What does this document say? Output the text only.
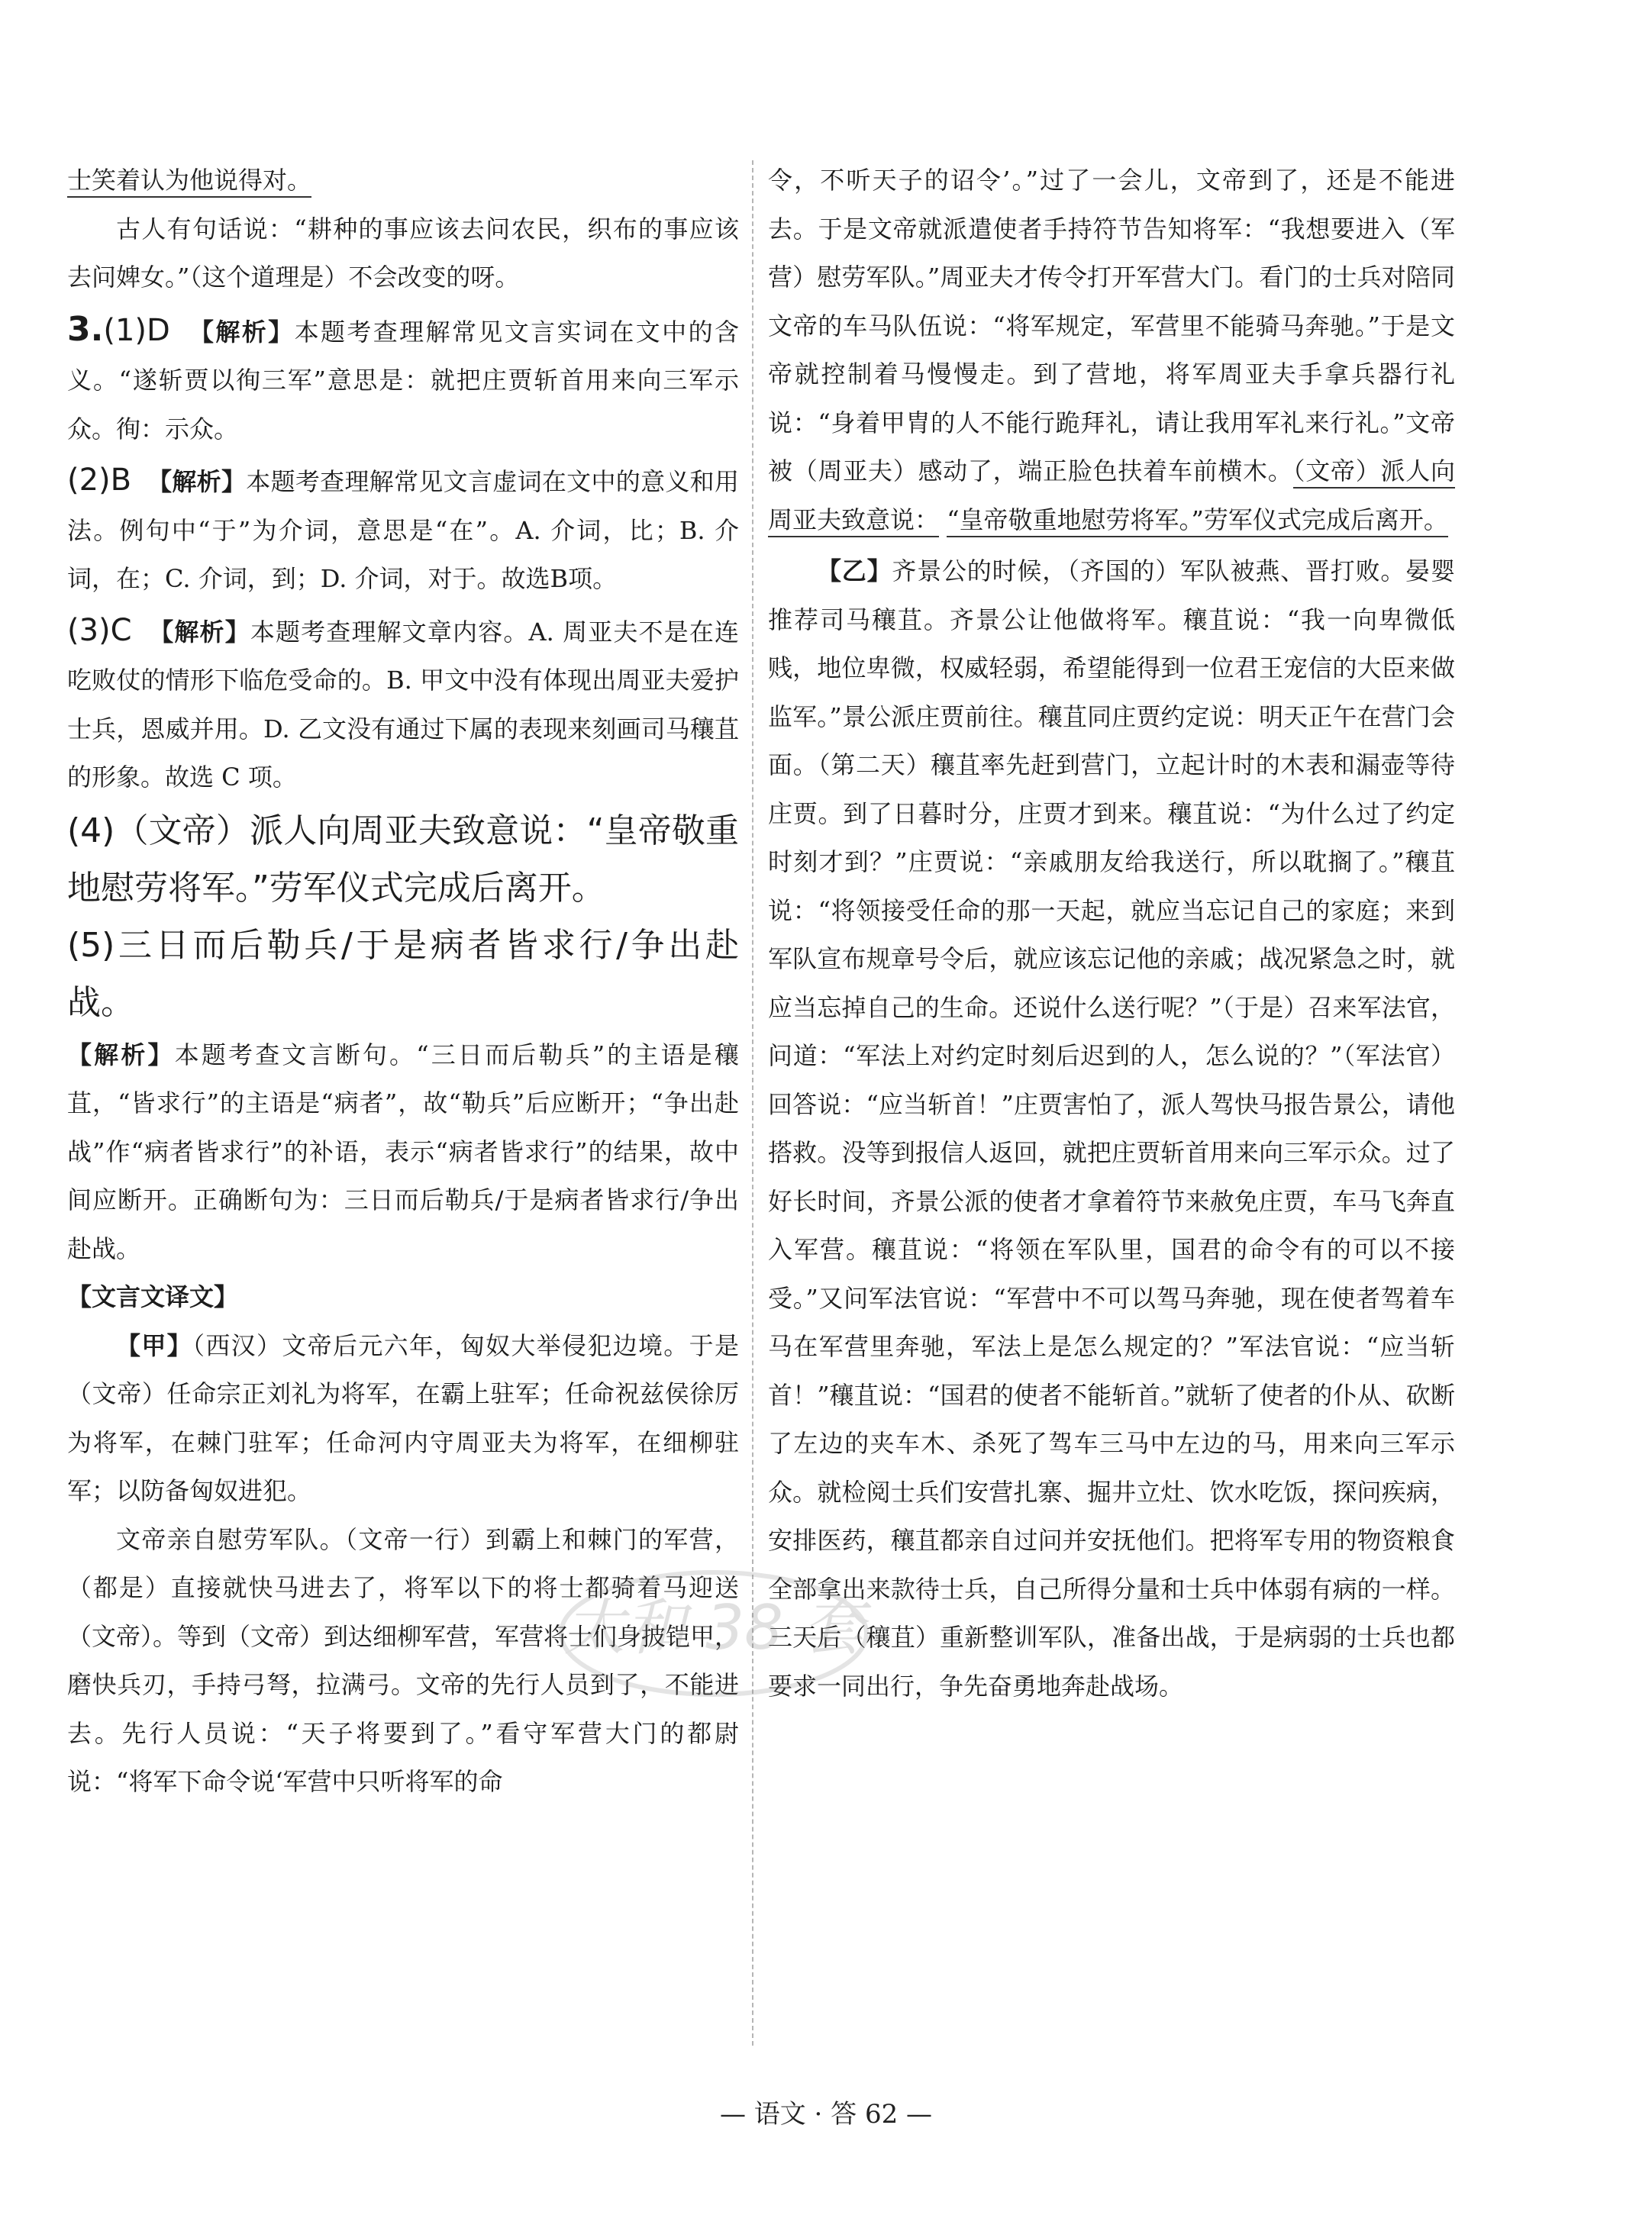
士笑着认为他说得对。

古人有句话说：“耕种的事应该去问农民，织布的事应该去问婢女。”（这个道理是）不会改变的呀。

3.(1)D 【解析】本题考查理解常见文言实词在文中的含义。“遂斩贾以徇三军”意思是：就把庄贾斩首用来向三军示众。徇：示众。

(2)B 【解析】本题考查理解常见文言虚词在文中的意义和用法。例句中“于”为介词，意思是“在”。A. 介词，比；B. 介词，在；C. 介词，到；D. 介词，对于。故选B项。

(3)C 【解析】本题考查理解文章内容。A. 周亚夫不是在连吃败仗的情形下临危受命的。B. 甲文中没有体现出周亚夫爱护士兵，恩威并用。D. 乙文没有通过下属的表现来刻画司马穰苴的形象。故选 C 项。

(4)（文帝）派人向周亚夫致意说：“皇帝敬重地慰劳将军。”劳军仪式完成后离开。

(5)三日而后勒兵/于是病者皆求行/争出赴战。

【解析】本题考查文言断句。“三日而后勒兵”的主语是穰苴，“皆求行”的主语是“病者”，故“勒兵”后应断开；“争出赴战”作“病者皆求行”的补语，表示“病者皆求行”的结果，故中间应断开。正确断句为：三日而后勒兵/于是病者皆求行/争出赴战。

【文言文译文】

【甲】（西汉）文帝后元六年，匈奴大举侵犯边境。于是（文帝）任命宗正刘礼为将军，在霸上驻军；任命祝兹侯徐厉为将军，在棘门驻军；任命河内守周亚夫为将军，在细柳驻军；以防备匈奴进犯。

文帝亲自慰劳军队。（文帝一行）到霸上和棘门的军营，（都是）直接就快马进去了，将军以下的将士都骑着马迎送（文帝）。等到（文帝）到达细柳军营，军营将士们身披铠甲，磨快兵刃，手持弓弩，拉满弓。文帝的先行人员到了，不能进去。先行人员说：“天子将要到了。”看守军营大门的都尉说：“将军下命令说‘军营中只听将军的命

令，不听天子的诏令’。”过了一会儿，文帝到了，还是不能进去。于是文帝就派遣使者手持符节告知将军：“我想要进入（军营）慰劳军队。”周亚夫才传令打开军营大门。看门的士兵对陪同文帝的车马队伍说：“将军规定，军营里不能骑马奔驰。”于是文帝就控制着马慢慢走。到了营地，将军周亚夫手拿兵器行礼说：“身着甲胄的人不能行跪拜礼，请让我用军礼来行礼。”文帝被（周亚夫）感动了，端正脸色扶着车前横木。（文帝）派人向周亚夫致意说： “皇帝敬重地慰劳将军。”劳军仪式完成后离开。

【乙】齐景公的时候，（齐国的）军队被燕、晋打败。晏婴推荐司马穰苴。齐景公让他做将军。穰苴说：“我一向卑微低贱，地位卑微，权威轻弱，希望能得到一位君王宠信的大臣来做监军。”景公派庄贾前往。穰苴同庄贾约定说：明天正午在营门会面。（第二天）穰苴率先赶到营门，立起计时的木表和漏壶等待庄贾。到了日暮时分，庄贾才到来。穰苴说：“为什么过了约定时刻才到？”庄贾说：“亲戚朋友给我送行，所以耽搁了。”穰苴说：“将领接受任命的那一天起，就应当忘记自己的家庭；来到军队宣布规章号令后，就应该忘记他的亲戚；战况紧急之时，就应当忘掉自己的生命。还说什么送行呢？”（于是）召来军法官，问道：“军法上对约定时刻后迟到的人，怎么说的？”（军法官）回答说：“应当斩首！”庄贾害怕了，派人驾快马报告景公，请他搭救。没等到报信人返回，就把庄贾斩首用来向三军示众。过了好长时间，齐景公派的使者才拿着符节来赦免庄贾，车马飞奔直入军营。穰苴说：“将领在军队里，国君的命令有的可以不接受。”又问军法官说：“军营中不可以驾马奔驰，现在使者驾着车马在军营里奔驰，军法上是怎么规定的？”军法官说：“应当斩首！”穰苴说：“国君的使者不能斩首。”就斩了使者的仆从、砍断了左边的夹车木、杀死了驾车三马中左边的马，用来向三军示众。就检阅士兵们安营扎寨、掘井立灶、饮水吃饭，探问疾病，安排医药，穰苴都亲自过问并安抚他们。把将军专用的物资粮食全部拿出来款待士兵，自己所得分量和士兵中体弱有病的一样。三天后（穰苴）重新整训军队，准备出战，于是病弱的士兵也都要求一同出行，争先奋勇地奔赴战场。

太和 38 套
— 语文 · 答 62 —
